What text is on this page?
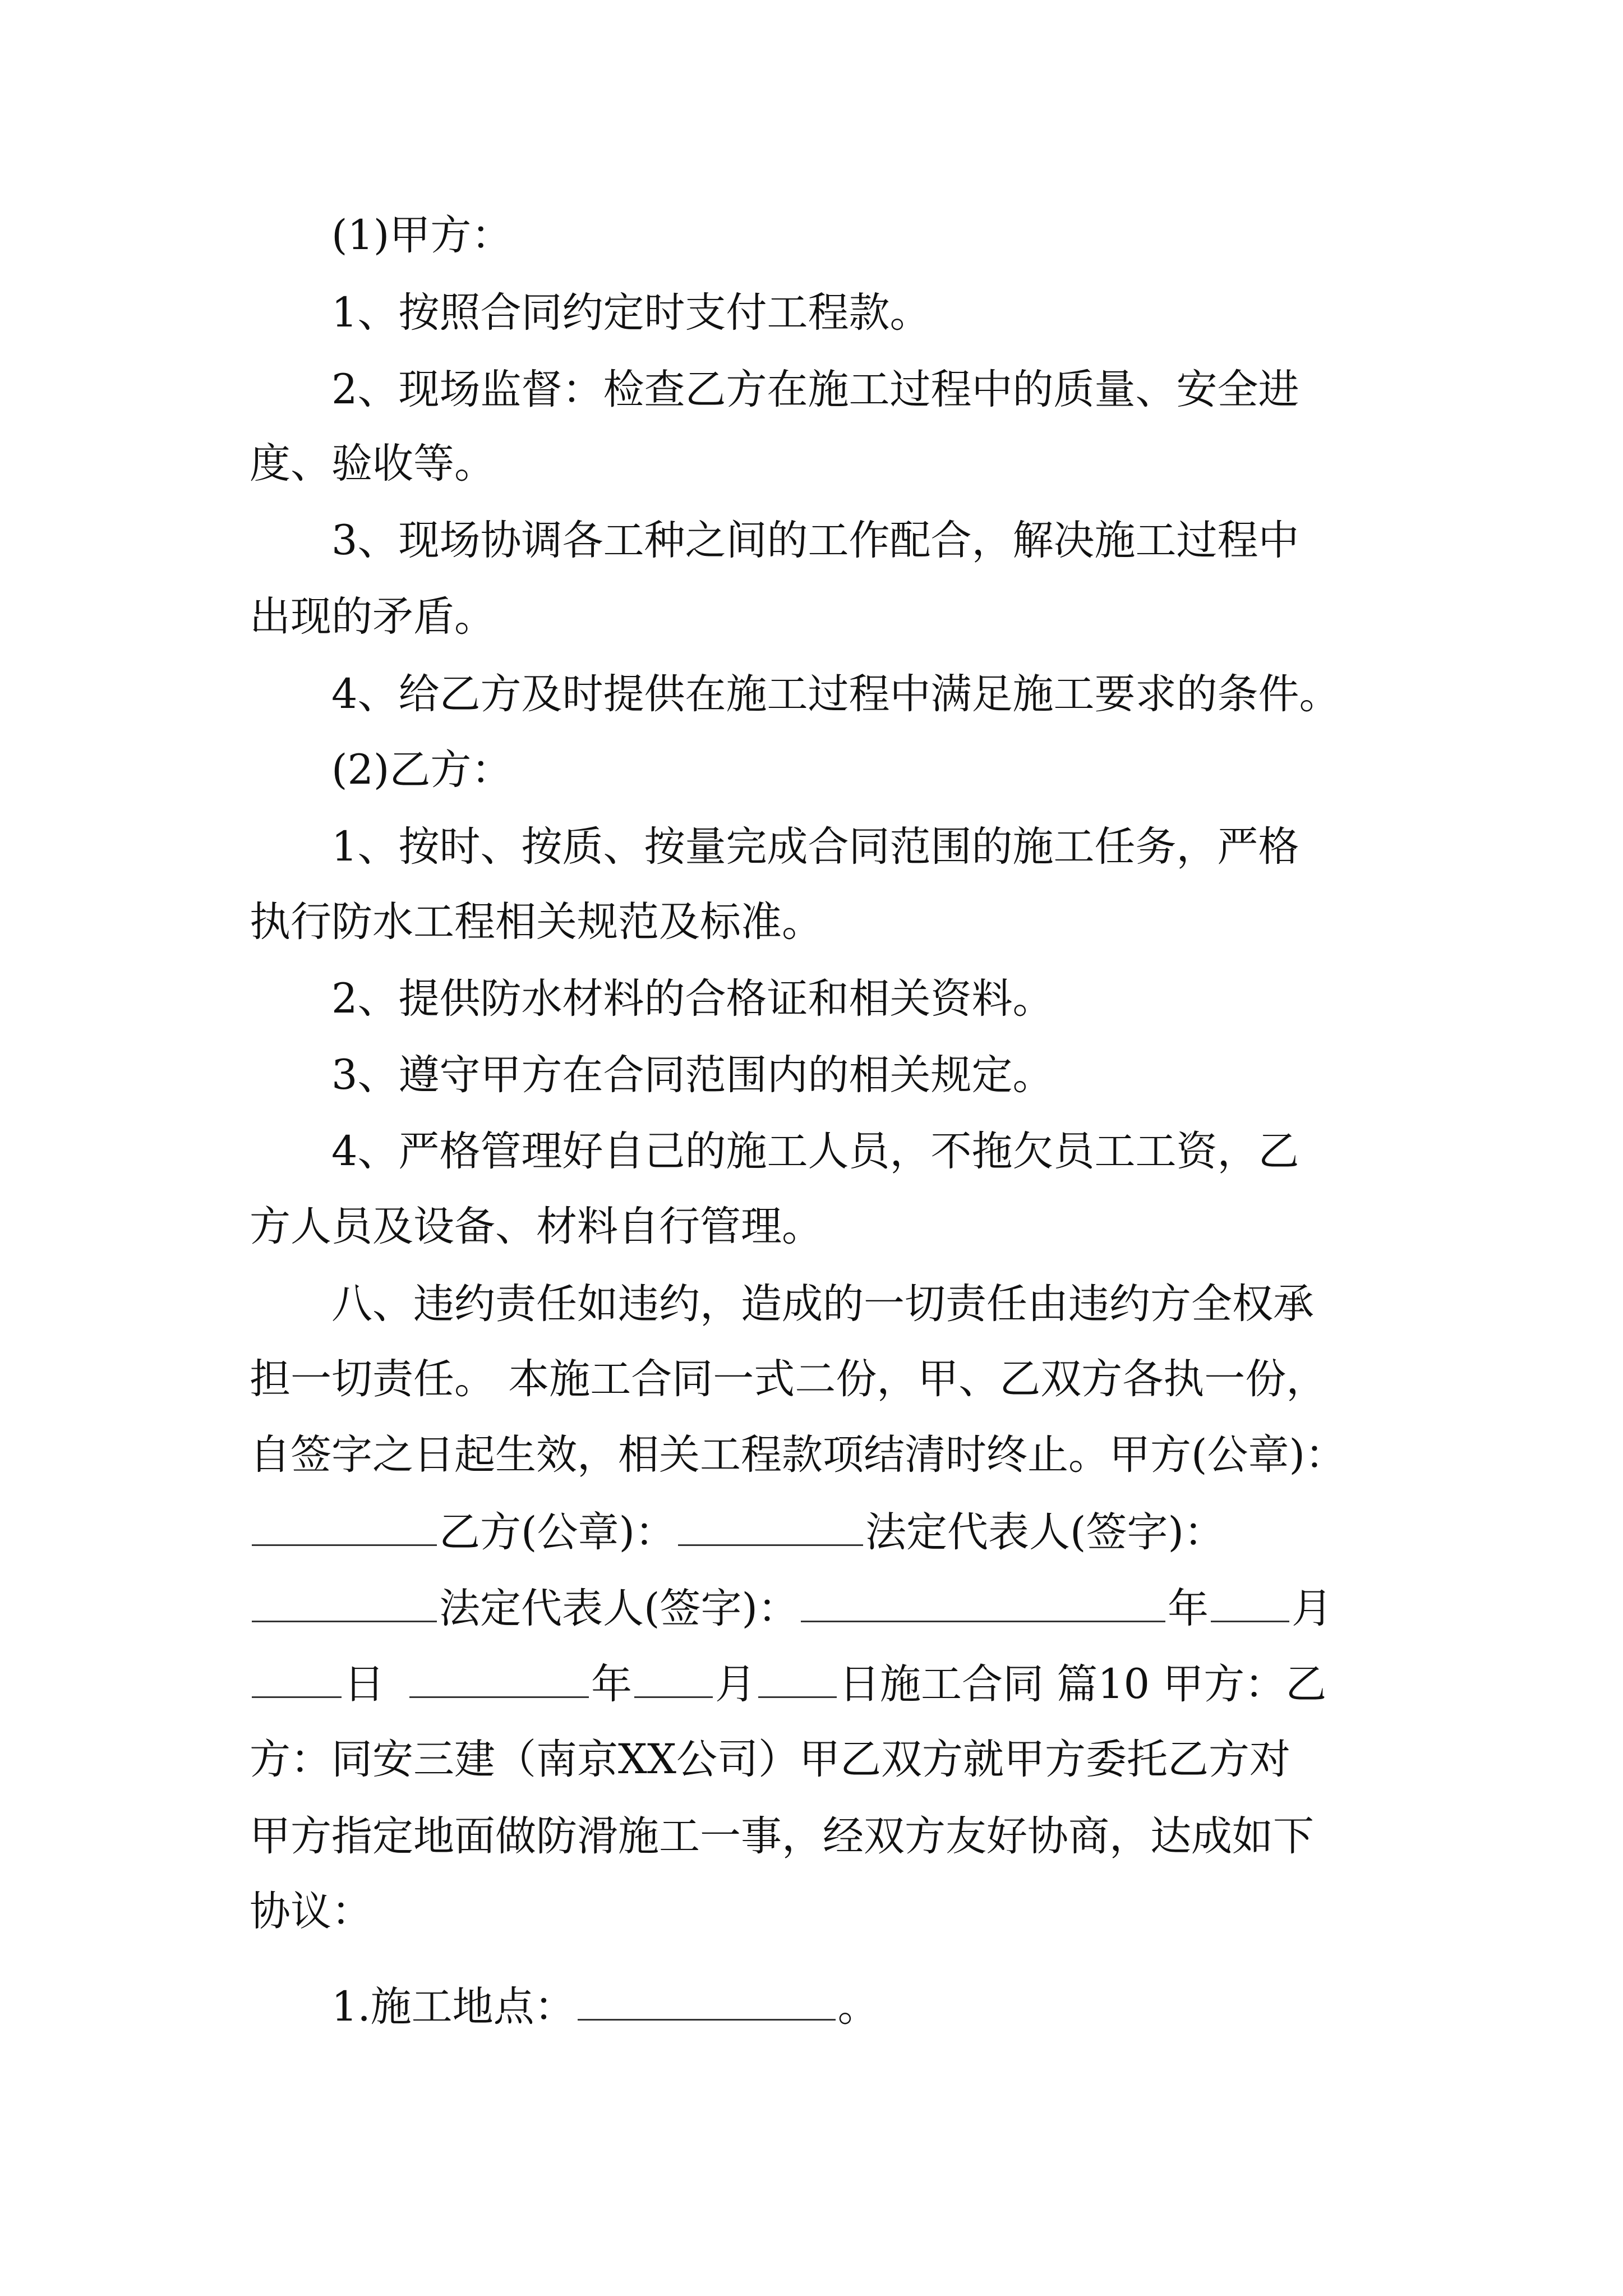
　　(1)甲方：
　　1、按照合同约定时支付工程款。
　　2、现场监督：检查乙方在施工过程中的质量、安全进
度、验收等。
　　3、现场协调各工种之间的工作配合，解决施工过程中
出现的矛盾。
　　4、给乙方及时提供在施工过程中满足施工要求的条件。
　　(2)乙方：
　　1、按时、按质、按量完成合同范围的施工任务，严格
执行防水工程相关规范及标准。
　　2、提供防水材料的合格证和相关资料。
　　3、遵守甲方在合同范围内的相关规定。
　　4、严格管理好自己的施工人员，不拖欠员工工资，乙
方人员及设备、材料自行管理。
　　八、违约责任如违约，造成的一切责任由违约方全权承
担一切责任。 本施工合同一式二份，甲、乙双方各执一份，
自签字之日起生效，相关工程款项结清时终止。甲方(公章)：
乙方(公章)：	法定代表人(签字)：
法定代表人(签字)：	年 月
日	年 月 日施工合同 篇10 甲方：乙
方：同安三建（南京XX公司）甲乙双方就甲方委托乙方对
甲方指定地面做防滑施工一事，经双方友好协商，达成如下
协议：
　　1.施工地点：	。
